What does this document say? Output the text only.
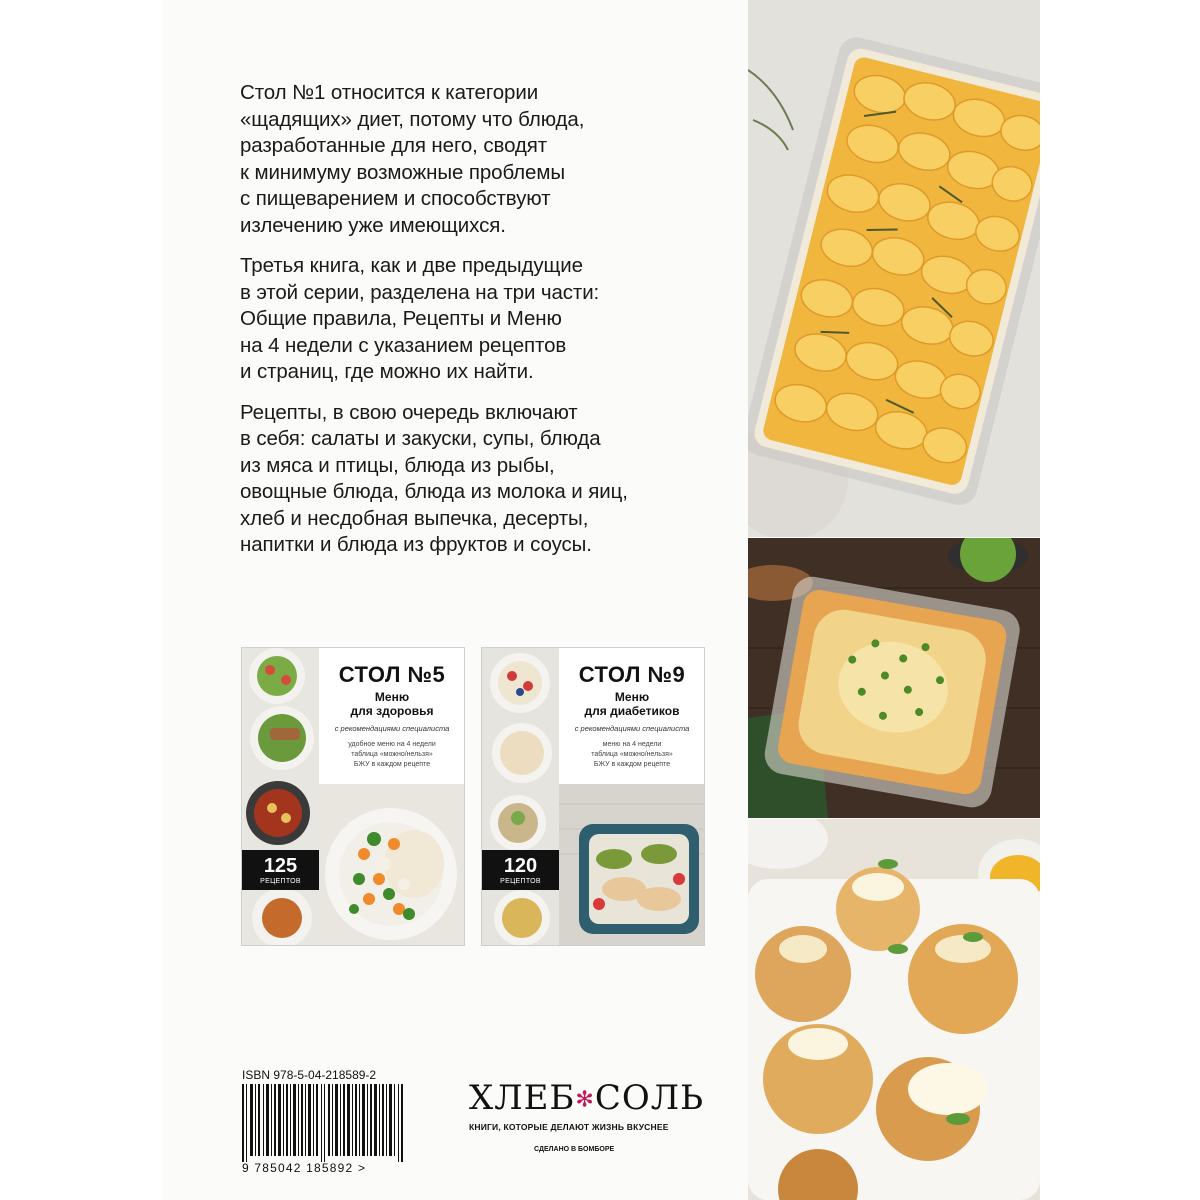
Стол №1 относится к категории
«щадящих» диет, потому что блюда,
разработанные для него, сводят
к минимуму возможные проблемы
с пищеварением и способствуют
излечению уже имеющихся.

Третья книга, как и две предыдущие
в этой серии, разделена на три части:
Общие правила, Рецепты и Меню
на 4 недели с указанием рецептов
и страниц, где можно их найти.

Рецепты, в свою очередь включают
в себя: салаты и закуски, супы, блюда
из мяса и птицы, блюда из рыбы,
овощные блюда, блюда из молока и яиц,
хлеб и несдобная выпечка, десерты,
напитки и блюда из фруктов и соусы.

СТОЛ №5
Меню
для здоровья
с рекомендациями специалиста
удобное меню на 4 недели
таблица «можно/нельзя»
БЖУ в каждом рецепте
125
РЕЦЕПТОВ
СТОЛ №9
Меню
для диабетиков
с рекомендациями специалиста
меню на 4 недели
таблица «можно/нельзя»
БЖУ в каждом рецепте
120
РЕЦЕПТОВ
ISBN 978-5-04-218589-2
9 785042 185892 >
ХЛЕБ✻СОЛЬ
КНИГИ, КОТОРЫЕ ДЕЛАЮТ ЖИЗНЬ ВКУСНЕЕ
СДЕЛАНО В БОМБОРЕ
